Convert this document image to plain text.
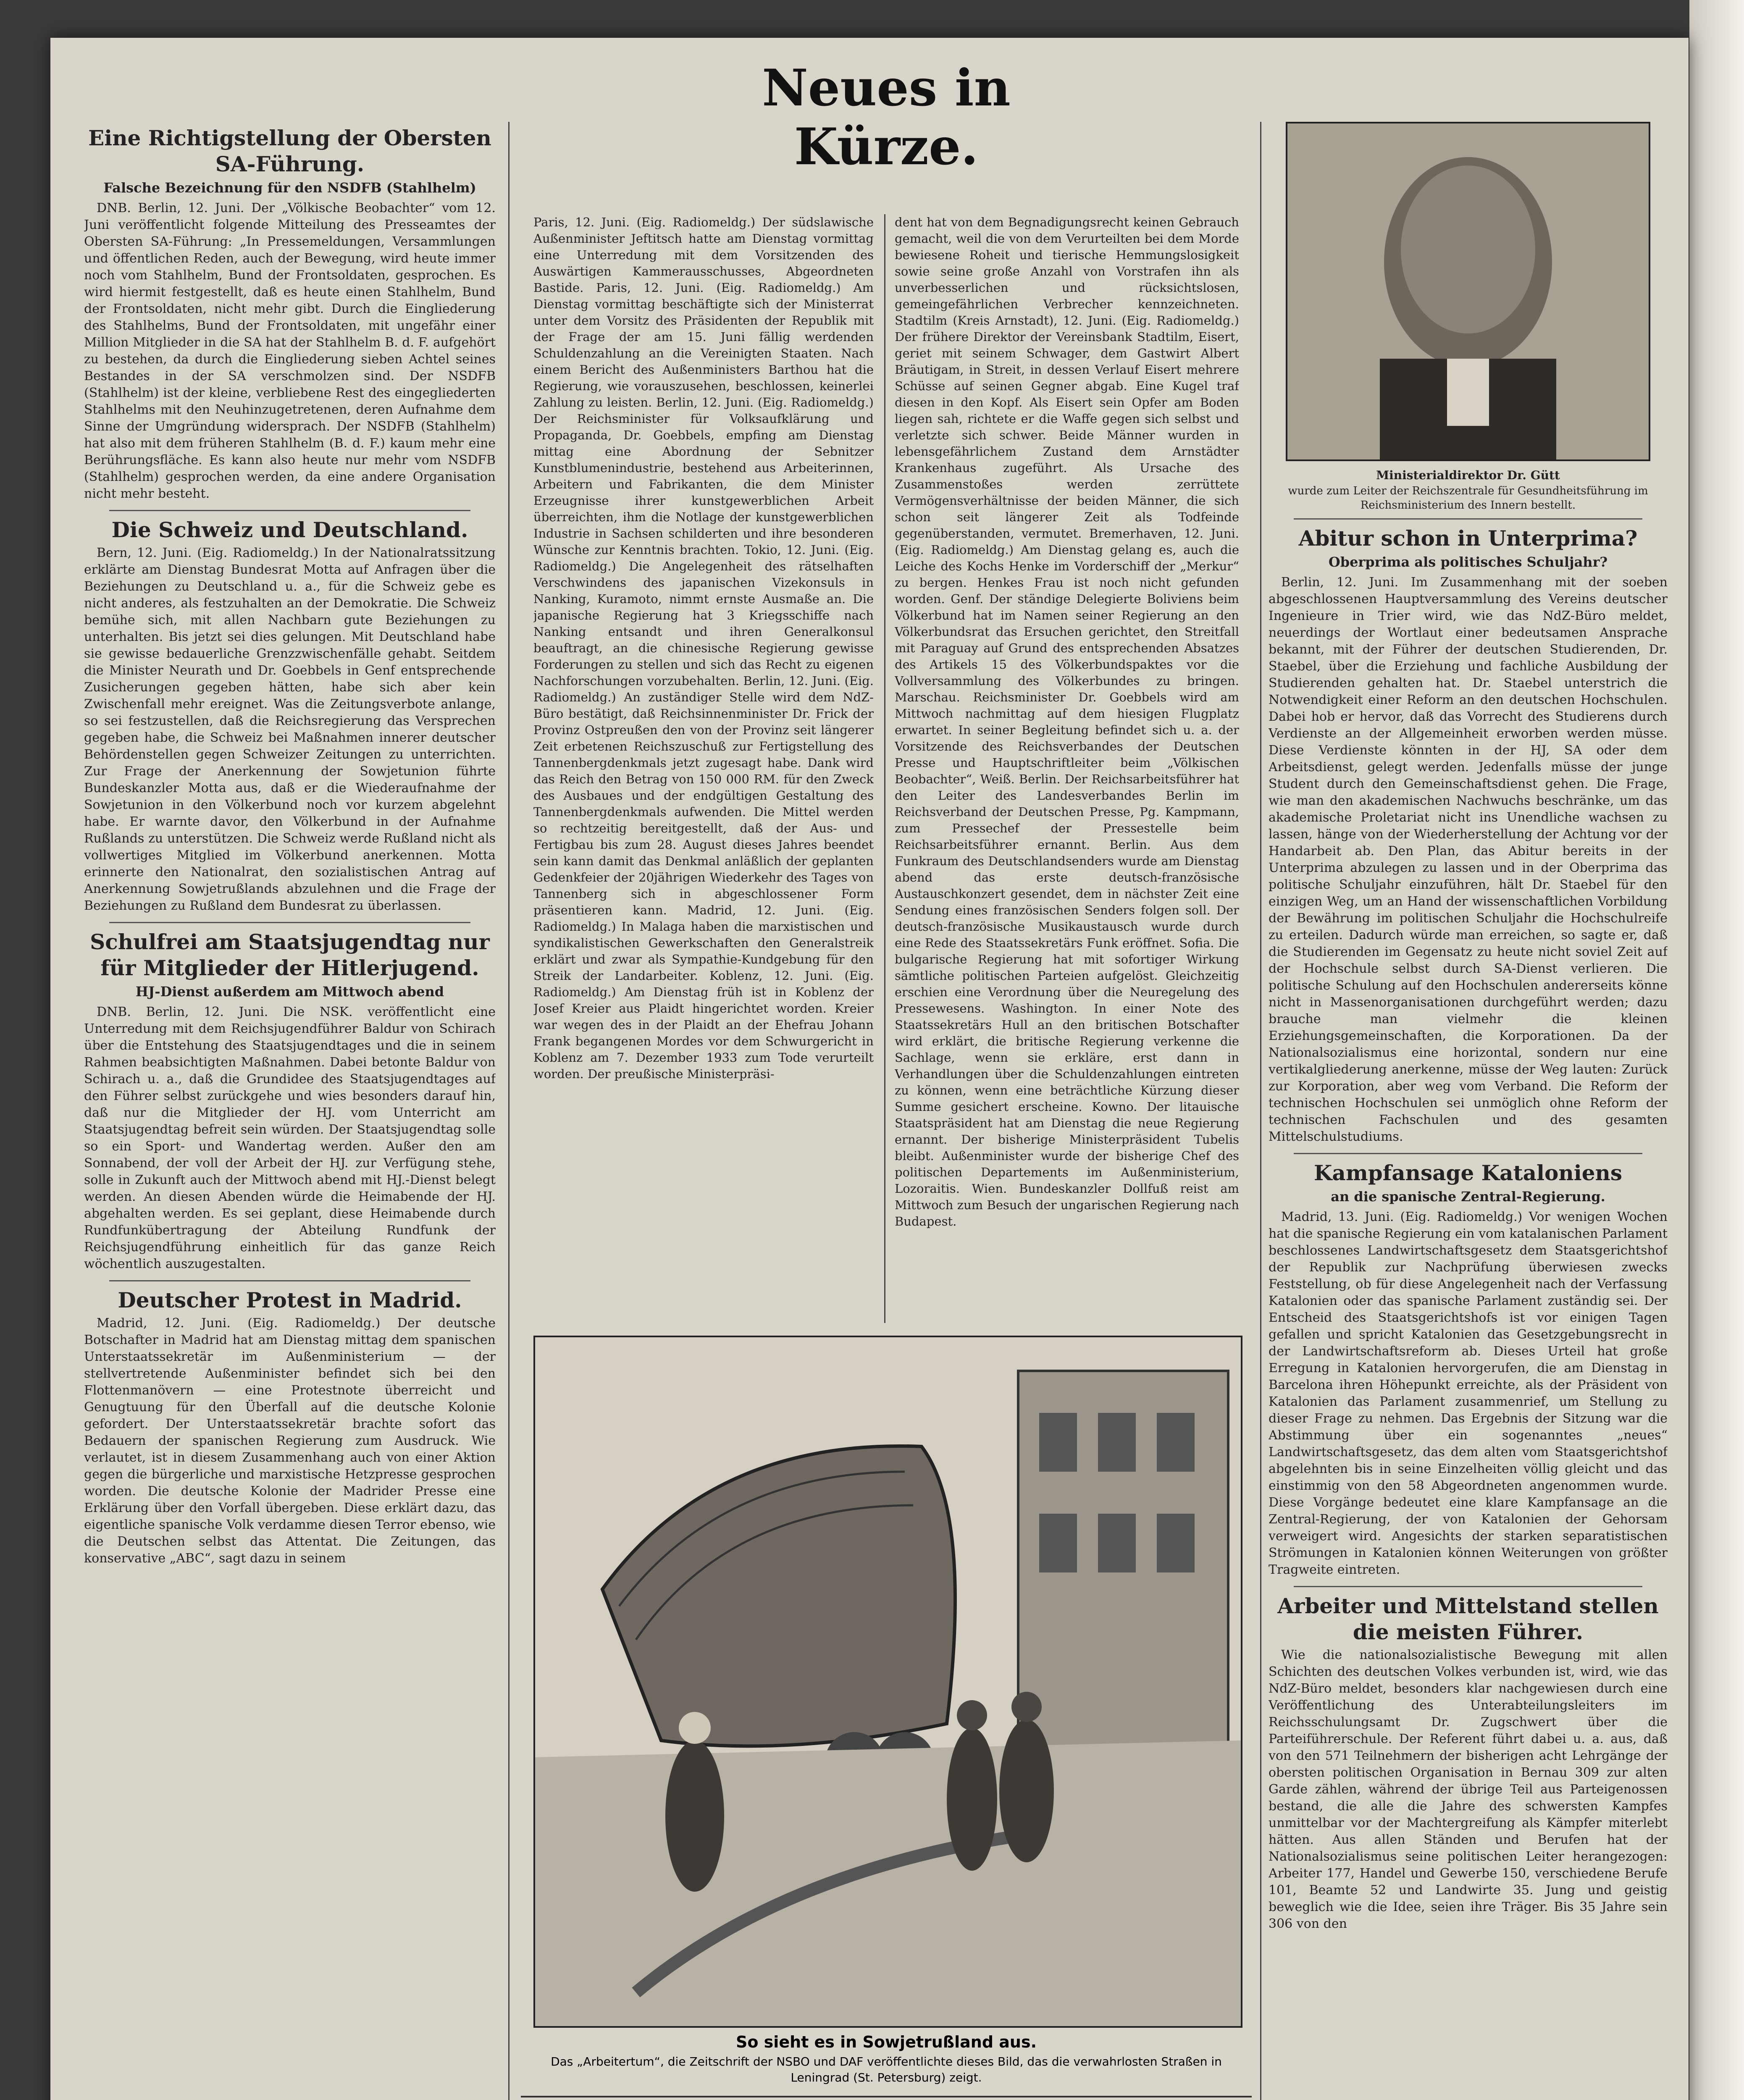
Eine Richtigstellung der Obersten SA-Führung.
Falsche Bezeichnung für den NSDFB (Stahlhelm)
DNB. Berlin, 12. Juni. Der „Völkische Beobachter“ vom 12. Juni veröffentlicht folgende Mitteilung des Presseamtes der Obersten SA-Führung: „In Pressemeldungen, Versammlungen und öffentlichen Reden, auch der Bewegung, wird heute immer noch vom Stahlhelm, Bund der Frontsoldaten, gesprochen. Es wird hiermit festgestellt, daß es heute einen Stahlhelm, Bund der Frontsoldaten, nicht mehr gibt. Durch die Eingliederung des Stahlhelms, Bund der Frontsoldaten, mit ungefähr einer Million Mitglieder in die SA hat der Stahlhelm B. d. F. aufgehört zu bestehen, da durch die Eingliederung sieben Achtel seines Bestandes in der SA verschmolzen sind. Der NSDFB (Stahlhelm) ist der kleine, verbliebene Rest des eingegliederten Stahlhelms mit den Neuhinzugetretenen, deren Aufnahme dem Sinne der Umgründung widersprach. Der NSDFB (Stahlhelm) hat also mit dem früheren Stahlhelm (B. d. F.) kaum mehr eine Berührungsfläche. Es kann also heute nur mehr vom NSDFB (Stahlhelm) gesprochen werden, da eine andere Organisation nicht mehr besteht.
Die Schweiz und Deutschland.
Bern, 12. Juni. (Eig. Radiomeldg.) In der Nationalratssitzung erklärte am Dienstag Bundesrat Motta auf Anfragen über die Beziehungen zu Deutschland u. a., für die Schweiz gebe es nicht anderes, als festzuhalten an der Demokratie. Die Schweiz bemühe sich, mit allen Nachbarn gute Beziehungen zu unterhalten. Bis jetzt sei dies gelungen. Mit Deutschland habe sie gewisse bedauerliche Grenzzwischenfälle gehabt. Seitdem die Minister Neurath und Dr. Goebbels in Genf entsprechende Zusicherungen gegeben hätten, habe sich aber kein Zwischenfall mehr ereignet. Was die Zeitungsverbote anlange, so sei festzustellen, daß die Reichsregierung das Versprechen gegeben habe, die Schweiz bei Maßnahmen innerer deutscher Behördenstellen gegen Schweizer Zeitungen zu unterrichten. Zur Frage der Anerkennung der Sowjetunion führte Bundeskanzler Motta aus, daß er die Wiederaufnahme der Sowjetunion in den Völkerbund noch vor kurzem abgelehnt habe. Er warnte davor, den Völkerbund in der Aufnahme Rußlands zu unterstützen. Die Schweiz werde Rußland nicht als vollwertiges Mitglied im Völkerbund anerkennen. Motta erinnerte den Nationalrat, den sozialistischen Antrag auf Anerkennung Sowjetrußlands abzulehnen und die Frage der Beziehungen zu Rußland dem Bundesrat zu überlassen.
Schulfrei am Staatsjugendtag nur für Mitglieder der Hitlerjugend.
HJ-Dienst außerdem am Mittwoch abend
DNB. Berlin, 12. Juni. Die NSK. veröffentlicht eine Unterredung mit dem Reichsjugendführer Baldur von Schirach über die Entstehung des Staatsjugendtages und die in seinem Rahmen beabsichtigten Maßnahmen. Dabei betonte Baldur von Schirach u. a., daß die Grundidee des Staatsjugendtages auf den Führer selbst zurückgehe und wies besonders darauf hin, daß nur die Mitglieder der HJ. vom Unterricht am Staatsjugendtag befreit sein würden. Der Staatsjugendtag solle so ein Sport- und Wandertag werden. Außer den am Sonnabend, der voll der Arbeit der HJ. zur Verfügung stehe, solle in Zukunft auch der Mittwoch abend mit HJ.-Dienst belegt werden. An diesen Abenden würde die Heimabende der HJ. abgehalten werden. Es sei geplant, diese Heimabende durch Rundfunkübertragung der Abteilung Rundfunk der Reichsjugendführung einheitlich für das ganze Reich wöchentlich auszugestalten.
Deutscher Protest in Madrid.
Madrid, 12. Juni. (Eig. Radiomeldg.) Der deutsche Botschafter in Madrid hat am Dienstag mittag dem spanischen Unterstaatssekretär im Außenministerium — der stellvertretende Außenminister befindet sich bei den Flottenmanövern — eine Protestnote überreicht und Genugtuung für den Überfall auf die deutsche Kolonie gefordert. Der Unterstaatssekretär brachte sofort das Bedauern der spanischen Regierung zum Ausdruck. Wie verlautet, ist in diesem Zusammenhang auch von einer Aktion gegen die bürgerliche und marxistische Hetzpresse gesprochen worden. Die deutsche Kolonie der Madrider Presse eine Erklärung über den Vorfall übergeben. Diese erklärt dazu, das eigentliche spanische Volk verdamme diesen Terror ebenso, wie die Deutschen selbst das Attentat. Die Zeitungen, das konservative „ABC“, sagt dazu in seinem
Neues in Kürze.
Paris, 12. Juni. (Eig. Radiomeldg.) Der südslawische Außenminister Jeftitsch hatte am Dienstag vormittag eine Unterredung mit dem Vorsitzenden des Auswärtigen Kammerausschusses, Abgeordneten Bastide. Paris, 12. Juni. (Eig. Radiomeldg.) Am Dienstag vormittag beschäftigte sich der Ministerrat unter dem Vorsitz des Präsidenten der Republik mit der Frage der am 15. Juni fällig werdenden Schuldenzahlung an die Vereinigten Staaten. Nach einem Bericht des Außenministers Barthou hat die Regierung, wie vorauszusehen, beschlossen, keinerlei Zahlung zu leisten. Berlin, 12. Juni. (Eig. Radiomeldg.) Der Reichsminister für Volksaufklärung und Propaganda, Dr. Goebbels, empfing am Dienstag mittag eine Abordnung der Sebnitzer Kunstblumenindustrie, bestehend aus Arbeiterinnen, Arbeitern und Fabrikanten, die dem Minister Erzeugnisse ihrer kunstgewerblichen Arbeit überreichten, ihm die Notlage der kunstgewerblichen Industrie in Sachsen schilderten und ihre besonderen Wünsche zur Kenntnis brachten. Tokio, 12. Juni. (Eig. Radiomeldg.) Die Angelegenheit des rätselhaften Verschwindens des japanischen Vizekonsuls in Nanking, Kuramoto, nimmt ernste Ausmaße an. Die japanische Regierung hat 3 Kriegsschiffe nach Nanking entsandt und ihren Generalkonsul beauftragt, an die chinesische Regierung gewisse Forderungen zu stellen und sich das Recht zu eigenen Nachforschungen vorzubehalten. Berlin, 12. Juni. (Eig. Radiomeldg.) An zuständiger Stelle wird dem NdZ-Büro bestätigt, daß Reichsinnenminister Dr. Frick der Provinz Ostpreußen den von der Provinz seit längerer Zeit erbetenen Reichszuschuß zur Fertigstellung des Tannenbergdenkmals jetzt zugesagt habe. Dank wird das Reich den Betrag von 150 000 RM. für den Zweck des Ausbaues und der endgültigen Gestaltung des Tannenbergdenkmals aufwenden. Die Mittel werden so rechtzeitig bereitgestellt, daß der Aus- und Fertigbau bis zum 28. August dieses Jahres beendet sein kann damit das Denkmal anläßlich der geplanten Gedenkfeier der 20jährigen Wiederkehr des Tages von Tannenberg sich in abgeschlossener Form präsentieren kann. Madrid, 12. Juni. (Eig. Radiomeldg.) In Malaga haben die marxistischen und syndikalistischen Gewerkschaften den Generalstreik erklärt und zwar als Sympathie-Kundgebung für den Streik der Landarbeiter. Koblenz, 12. Juni. (Eig. Radiomeldg.) Am Dienstag früh ist in Koblenz der Josef Kreier aus Plaidt hingerichtet worden. Kreier war wegen des in der Plaidt an der Ehefrau Johann Frank begangenen Mordes vor dem Schwurgericht in Koblenz am 7. Dezember 1933 zum Tode verurteilt worden. Der preußische Ministerpräsi-
dent hat von dem Begnadigungsrecht keinen Gebrauch gemacht, weil die von dem Verurteilten bei dem Morde bewiesene Roheit und tierische Hemmungslosigkeit sowie seine große Anzahl von Vorstrafen ihn als unverbesserlichen und rücksichtslosen, gemeingefährlichen Verbrecher kennzeichneten. Stadtilm (Kreis Arnstadt), 12. Juni. (Eig. Radiomeldg.) Der frühere Direktor der Vereinsbank Stadtilm, Eisert, geriet mit seinem Schwager, dem Gastwirt Albert Bräutigam, in Streit, in dessen Verlauf Eisert mehrere Schüsse auf seinen Gegner abgab. Eine Kugel traf diesen in den Kopf. Als Eisert sein Opfer am Boden liegen sah, richtete er die Waffe gegen sich selbst und verletzte sich schwer. Beide Männer wurden in lebensgefährlichem Zustand dem Arnstädter Krankenhaus zugeführt. Als Ursache des Zusammenstoßes werden zerrüttete Vermögensverhältnisse der beiden Männer, die sich schon seit längerer Zeit als Todfeinde gegenüberstanden, vermutet. Bremerhaven, 12. Juni. (Eig. Radiomeldg.) Am Dienstag gelang es, auch die Leiche des Kochs Henke im Vorderschiff der „Merkur“ zu bergen. Henkes Frau ist noch nicht gefunden worden. Genf. Der ständige Delegierte Boliviens beim Völkerbund hat im Namen seiner Regierung an den Völkerbundsrat das Ersuchen gerichtet, den Streitfall mit Paraguay auf Grund des entsprechenden Absatzes des Artikels 15 des Völkerbundspaktes vor die Vollversammlung des Völkerbundes zu bringen. Marschau. Reichsminister Dr. Goebbels wird am Mittwoch nachmittag auf dem hiesigen Flugplatz erwartet. In seiner Begleitung befindet sich u. a. der Vorsitzende des Reichsverbandes der Deutschen Presse und Hauptschriftleiter beim „Völkischen Beobachter“, Weiß. Berlin. Der Reichsarbeitsführer hat den Leiter des Landesverbandes Berlin im Reichsverband der Deutschen Presse, Pg. Kampmann, zum Pressechef der Pressestelle beim Reichsarbeitsführer ernannt. Berlin. Aus dem Funkraum des Deutschlandsenders wurde am Dienstag abend das erste deutsch-französische Austauschkonzert gesendet, dem in nächster Zeit eine Sendung eines französischen Senders folgen soll. Der deutsch-französische Musikaustausch wurde durch eine Rede des Staatssekretärs Funk eröffnet. Sofia. Die bulgarische Regierung hat mit sofortiger Wirkung sämtliche politischen Parteien aufgelöst. Gleichzeitig erschien eine Verordnung über die Neuregelung des Pressewesens. Washington. In einer Note des Staatssekretärs Hull an den britischen Botschafter wird erklärt, die britische Regierung verkenne die Sachlage, wenn sie erkläre, erst dann in Verhandlungen über die Schuldenzahlungen eintreten zu können, wenn eine beträchtliche Kürzung dieser Summe gesichert erscheine. Kowno. Der litauische Staatspräsident hat am Dienstag die neue Regierung ernannt. Der bisherige Ministerpräsident Tubelis bleibt. Außenminister wurde der bisherige Chef des politischen Departements im Außenministerium, Lozoraitis. Wien. Bundeskanzler Dollfuß reist am Mittwoch zum Besuch der ungarischen Regierung nach Budapest.
So sieht es in Sowjetrußland aus.
Das „Arbeitertum“, die Zeitschrift der NSBO und DAF veröffentlichte dieses Bild, das die verwahrlosten Straßen in Leningrad (St. Petersburg) zeigt.
Ministerialdirektor Dr. Gütt
wurde zum Leiter der Reichszentrale für Gesundheitsführung im Reichsministerium des Innern bestellt.
Abitur schon in Unterprima?
Oberprima als politisches Schuljahr?
Berlin, 12. Juni. Im Zusammenhang mit der soeben abgeschlossenen Hauptversammlung des Vereins deutscher Ingenieure in Trier wird, wie das NdZ-Büro meldet, neuerdings der Wortlaut einer bedeutsamen Ansprache bekannt, mit der Führer der deutschen Studierenden, Dr. Staebel, über die Erziehung und fachliche Ausbildung der Studierenden gehalten hat. Dr. Staebel unterstrich die Notwendigkeit einer Reform an den deutschen Hochschulen. Dabei hob er hervor, daß das Vorrecht des Studierens durch Verdienste an der Allgemeinheit erworben werden müsse. Diese Verdienste könnten in der HJ, SA oder dem Arbeitsdienst, gelegt werden. Jedenfalls müsse der junge Student durch den Gemeinschaftsdienst gehen. Die Frage, wie man den akademischen Nachwuchs beschränke, um das akademische Proletariat nicht ins Unendliche wachsen zu lassen, hänge von der Wiederherstellung der Achtung vor der Handarbeit ab. Den Plan, das Abitur bereits in der Unterprima abzulegen zu lassen und in der Oberprima das politische Schuljahr einzuführen, hält Dr. Staebel für den einzigen Weg, um an Hand der wissenschaftlichen Vorbildung der Bewährung im politischen Schuljahr die Hochschulreife zu erteilen. Dadurch würde man erreichen, so sagte er, daß die Studierenden im Gegensatz zu heute nicht soviel Zeit auf der Hochschule selbst durch SA-Dienst verlieren. Die politische Schulung auf den Hochschulen andererseits könne nicht in Massenorganisationen durchgeführt werden; dazu brauche man vielmehr die kleinen Erziehungsgemeinschaften, die Korporationen. Da der Nationalsozialismus eine horizontal, sondern nur eine vertikalgliederung anerkenne, müsse der Weg lauten: Zurück zur Korporation, aber weg vom Verband. Die Reform der technischen Hochschulen sei unmöglich ohne Reform der technischen Fachschulen und des gesamten Mittelschulstudiums.
Kampfansage Kataloniens
an die spanische Zentral-Regierung.
Madrid, 13. Juni. (Eig. Radiomeldg.) Vor wenigen Wochen hat die spanische Regierung ein vom katalanischen Parlament beschlossenes Landwirtschaftsgesetz dem Staatsgerichtshof der Republik zur Nachprüfung überwiesen zwecks Feststellung, ob für diese Angelegenheit nach der Verfassung Katalonien oder das spanische Parlament zuständig sei. Der Entscheid des Staatsgerichtshofs ist vor einigen Tagen gefallen und spricht Katalonien das Gesetzgebungsrecht in der Landwirtschaftsreform ab. Dieses Urteil hat große Erregung in Katalonien hervorgerufen, die am Dienstag in Barcelona ihren Höhepunkt erreichte, als der Präsident von Katalonien das Parlament zusammenrief, um Stellung zu dieser Frage zu nehmen. Das Ergebnis der Sitzung war die Abstimmung über ein sogenanntes „neues“ Landwirtschaftsgesetz, das dem alten vom Staatsgerichtshof abgelehnten bis in seine Einzelheiten völlig gleicht und das einstimmig von den 58 Abgeordneten angenommen wurde. Diese Vorgänge bedeutet eine klare Kampfansage an die Zentral-Regierung, der von Katalonien der Gehorsam verweigert wird. Angesichts der starken separatistischen Strömungen in Katalonien können Weiterungen von größter Tragweite eintreten.
Arbeiter und Mittelstand stellen die meisten Führer.
Wie die nationalsozialistische Bewegung mit allen Schichten des deutschen Volkes verbunden ist, wird, wie das NdZ-Büro meldet, besonders klar nachgewiesen durch eine Veröffentlichung des Unterabteilungsleiters im Reichsschulungsamt Dr. Zugschwert über die Parteiführerschule. Der Referent führt dabei u. a. aus, daß von den 571 Teilnehmern der bisherigen acht Lehrgänge der obersten politischen Organisation in Bernau 309 zur alten Garde zählen, während der übrige Teil aus Parteigenossen bestand, die alle die Jahre des schwersten Kampfes unmittelbar vor der Machtergreifung als Kämpfer miterlebt hätten. Aus allen Ständen und Berufen hat der Nationalsozialismus seine politischen Leiter herangezogen: Arbeiter 177, Handel und Gewerbe 150, verschiedene Berufe 101, Beamte 52 und Landwirte 35. Jung und geistig beweglich wie die Idee, seien ihre Träger. Bis 35 Jahre sein 306 von den
